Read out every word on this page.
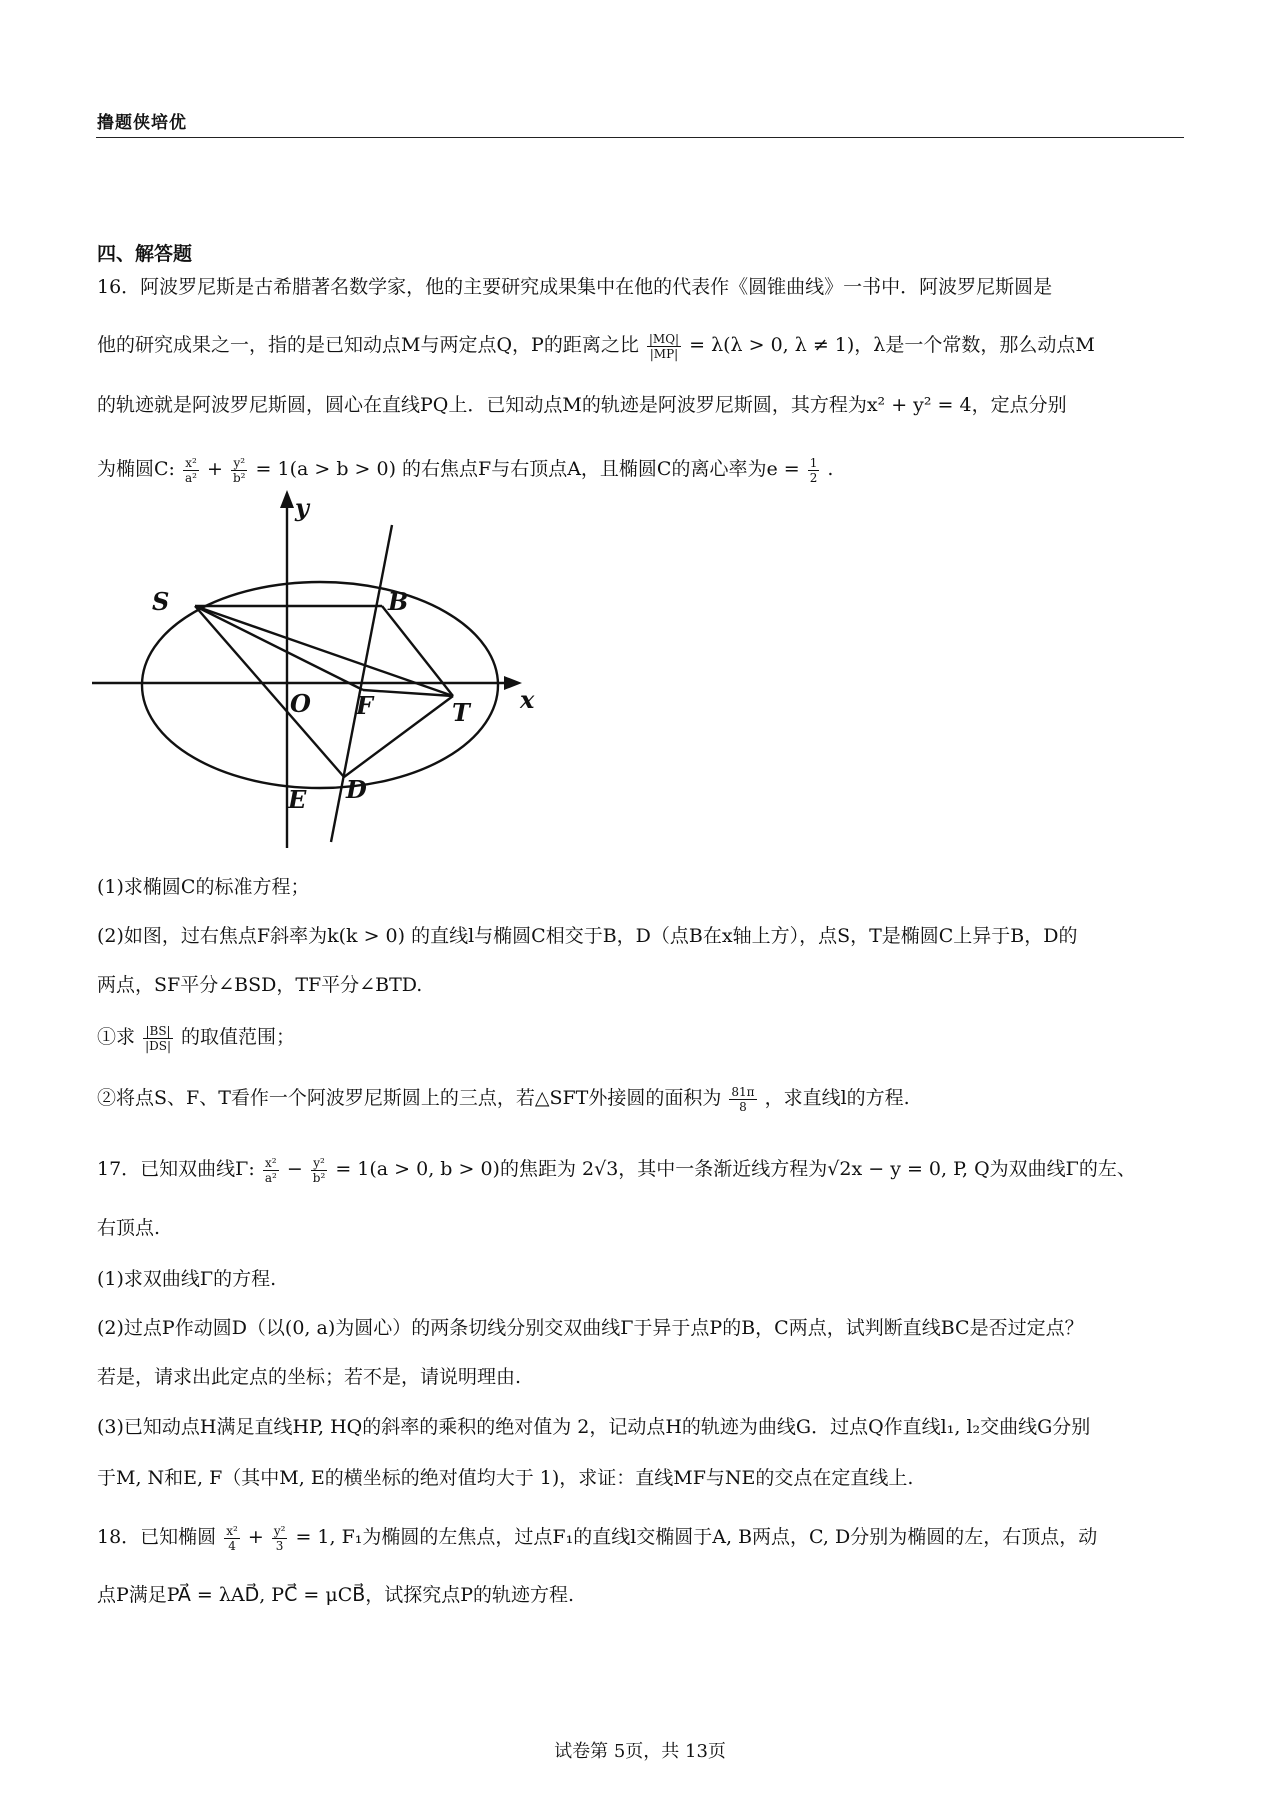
撸题侠培优
四、解答题
16．阿波罗尼斯是古希腊著名数学家，他的主要研究成果集中在他的代表作《圆锥曲线》一书中．阿波罗尼斯圆是
他的研究成果之一，指的是已知动点M与两定点Q，P的距离之比 $\frac{|MQ|}{|MP|} = \lambda(\lambda > 0$, λ ≠ 1)，λ是一个常数，那么动点M
的轨迹就是阿波罗尼斯圆，圆心在直线PQ上．已知动点M的轨迹是阿波罗尼斯圆，其方程为x² + y² = 4，定点分别
为椭圆C: $\frac{\text{x²}}{\text{a²}} + \frac{\text{y²}}{\text{b²}} = 1(a > b > 0)$ 的右焦点F与右顶点A，且椭圆C的离心率为$e = \frac{1}{2}$ .
y
x
S	B
O F	T
E D
(1)求椭圆C的标准方程；
(2)如图，过右焦点F斜率为k(k > 0) 的直线l与椭圆C相交于B，D（点B在x轴上方），点S，T是椭圆C上异于B，D的
两点，SF平分∠BSD，TF平分∠BTD.
①求 $\frac{|BS|}{|DS|}$ 的取值范围；
②将点S、F、T看作一个阿波罗尼斯圆上的三点，若△SFT外接圆的面积为 $\frac{81\pi}{8}$ ，求直线l的方程.
17．已知双曲线Γ: $\frac{\text{x²}}{\text{a²}} - \frac{\text{y²}}{\text{b²}} = 1(a > 0$, b > 0)的焦距为 2√3，其中一条渐近线方程为√2x − y = 0, P, Q为双曲线Γ的左、
右顶点.
(1)求双曲线Γ的方程.
(2)过点P作动圆D（以(0, a)为圆心）的两条切线分别交双曲线Γ于异于点P的B，C两点，试判断直线BC是否过定点？
若是，请求出此定点的坐标；若不是，请说明理由.
(3)已知动点H满足直线HP, HQ的斜率的乘积的绝对值为 2，记动点H的轨迹为曲线G．过点Q作直线l₁, l₂交曲线G分别
于M, N和E, F（其中M, E的横坐标的绝对值均大于 1)，求证：直线MF与NE的交点在定直线上.
18．已知椭圆 $\frac{\text{x²}}{4} + \frac{\text{y²}}{3} = 1$, F₁为椭圆的左焦点，过点F₁的直线l交椭圆于A, B两点，C, D分别为椭圆的左，右顶点，动
点P满足PA⃗ = λAD⃗, PC⃗ = μCB⃗，试探究点P的轨迹方程.
试卷第 5页，共 13页
